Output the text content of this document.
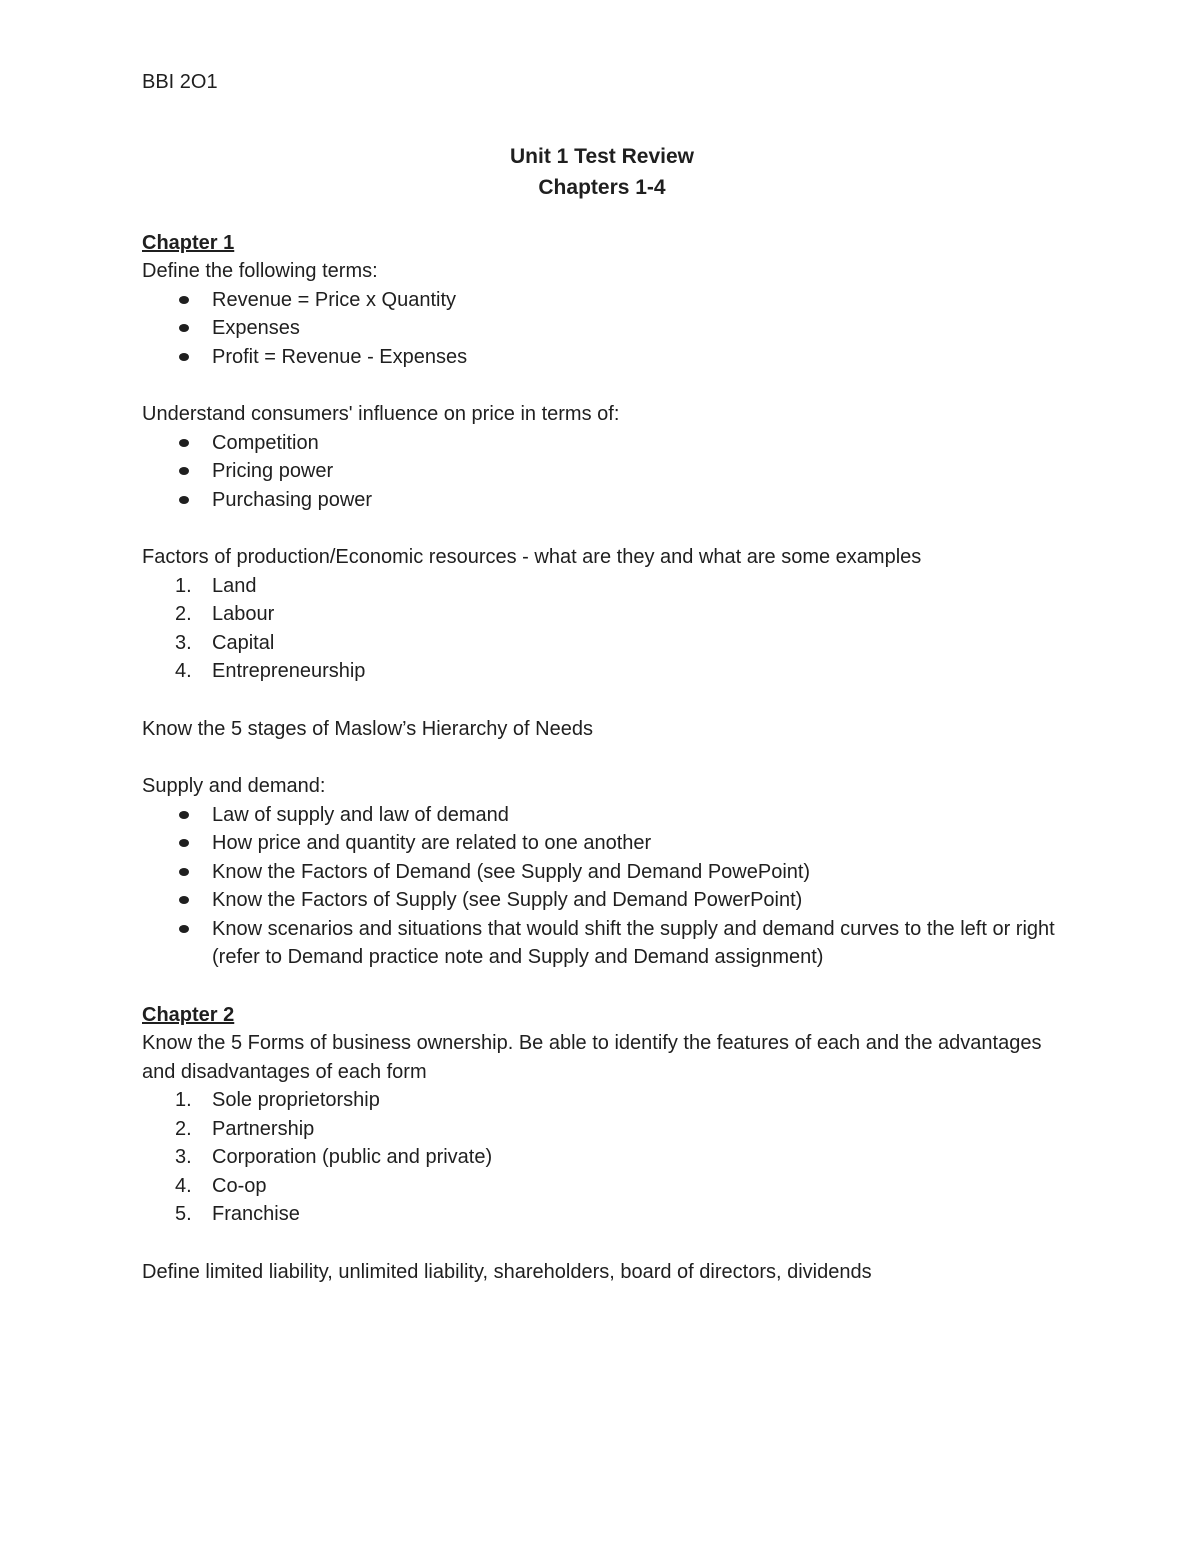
BBI 2O1
Unit 1 Test Review
Chapters 1-4
Chapter 1

Define the following terms:

Revenue = Price x Quantity
Expenses
Profit = Revenue - Expenses

Understand consumers' influence on price in terms of:

Competition
Pricing power
Purchasing power

Factors of production/Economic resources - what are they and what are some examples

1. Land
2. Labour
3. Capital
4. Entrepreneurship

Know the 5 stages of Maslow’s Hierarchy of Needs

Supply and demand:

Law of supply and law of demand
How price and quantity are related to one another
Know the Factors of Demand (see Supply and Demand PowePoint)
Know the Factors of Supply (see Supply and Demand PowerPoint)
Know scenarios and situations that would shift the supply and demand curves to the left or right (refer to Demand practice note and Supply and Demand assignment)
Chapter 2

Know the 5 Forms of business ownership. Be able to identify the features of each and the advantages and disadvantages of each form

1. Sole proprietorship
2. Partnership
3. Corporation (public and private)
4. Co-op
5. Franchise

Define limited liability, unlimited liability, shareholders, board of directors, dividends
